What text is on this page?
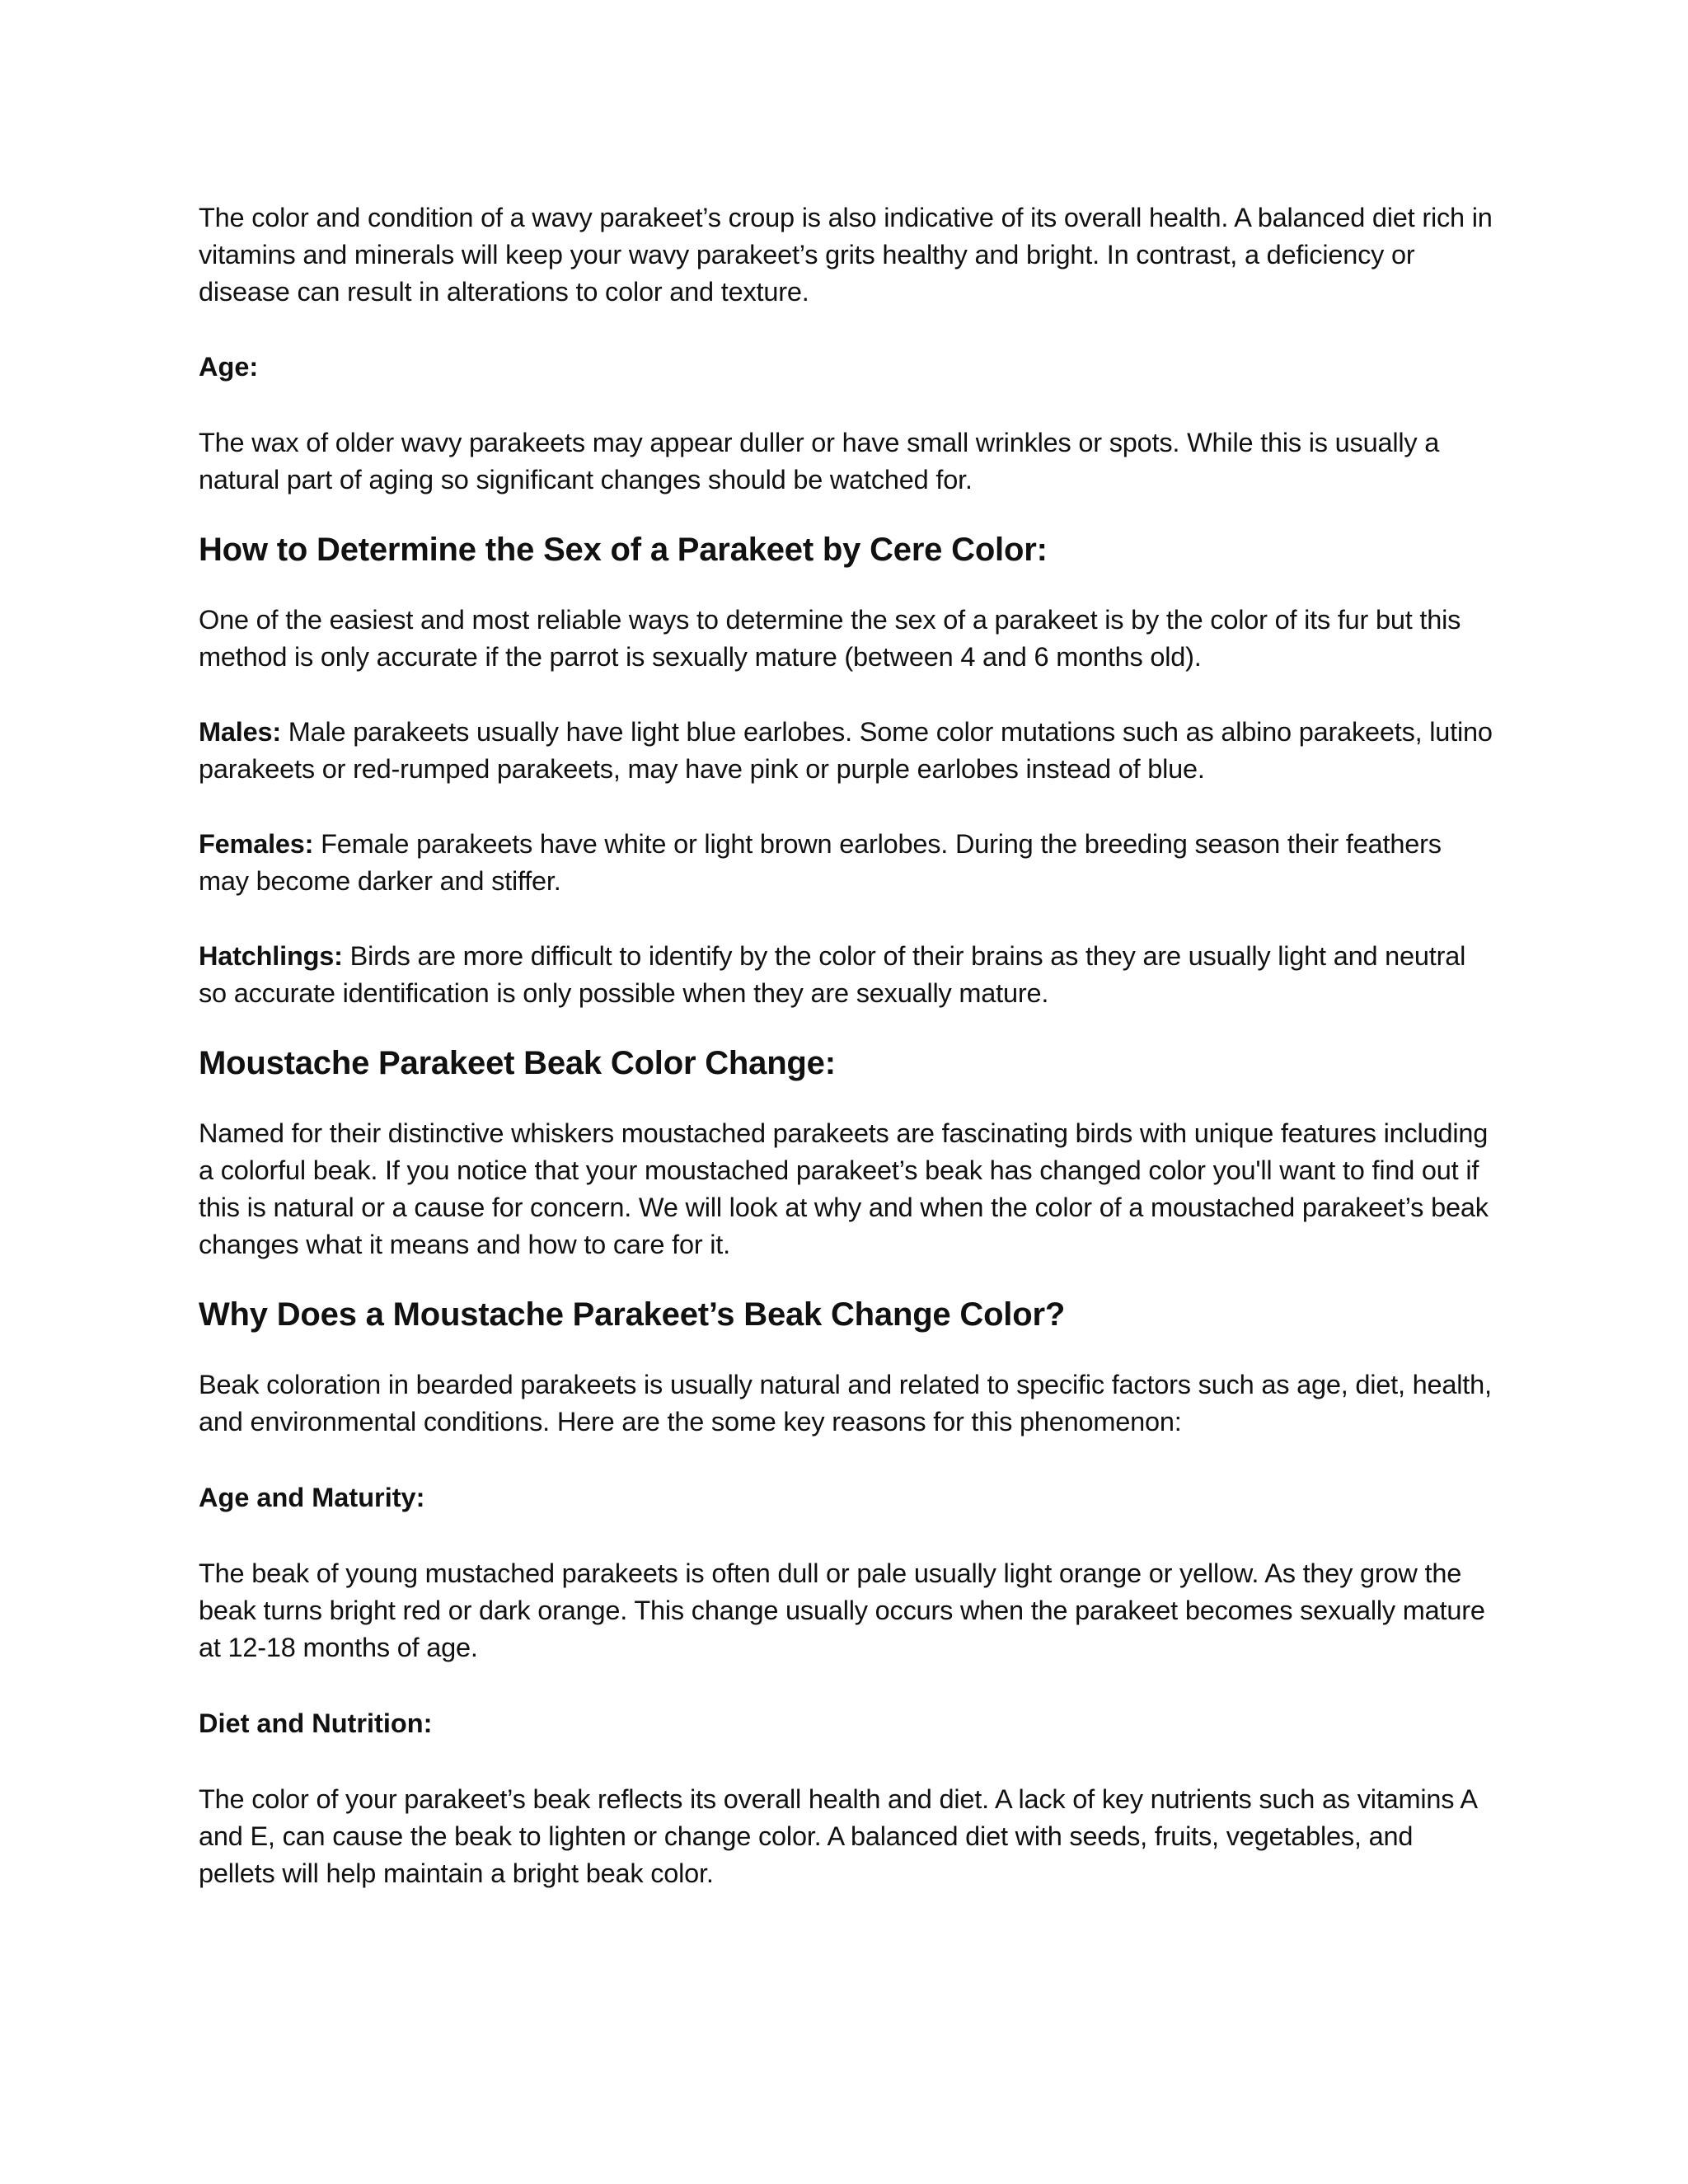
The color and condition of a wavy parakeet’s croup is also indicative of its overall health. A balanced diet rich in vitamins and minerals will keep your wavy parakeet’s grits healthy and bright. In contrast, a deficiency or disease can result in alterations to color and texture.

Age:

The wax of older wavy parakeets may appear duller or have small wrinkles or spots. While this is usually a natural part of aging so significant changes should be watched for.

How to Determine the Sex of a Parakeet by Cere Color:

One of the easiest and most reliable ways to determine the sex of a parakeet is by the color of its fur but this method is only accurate if the parrot is sexually mature (between 4 and 6 months old).

Males: Male parakeets usually have light blue earlobes. Some color mutations such as albino parakeets, lutino parakeets or red-rumped parakeets, may have pink or purple earlobes instead of blue.

Females: Female parakeets have white or light brown earlobes. During the breeding season their feathers may become darker and stiffer.

Hatchlings: Birds are more difficult to identify by the color of their brains as they are usually light and neutral so accurate identification is only possible when they are sexually mature.

Moustache Parakeet Beak Color Change:

Named for their distinctive whiskers moustached parakeets are fascinating birds with unique features including a colorful beak. If you notice that your moustached parakeet’s beak has changed color you'll want to find out if this is natural or a cause for concern. We will look at why and when the color of a moustached parakeet’s beak changes what it means and how to care for it.

Why Does a Moustache Parakeet’s Beak Change Color?

Beak coloration in bearded parakeets is usually natural and related to specific factors such as age, diet, health, and environmental conditions. Here are the some key reasons for this phenomenon:

Age and Maturity:

The beak of young mustached parakeets is often dull or pale usually light orange or yellow. As they grow the beak turns bright red or dark orange. This change usually occurs when the parakeet becomes sexually mature at 12-18 months of age.

Diet and Nutrition:

The color of your parakeet’s beak reflects its overall health and diet. A lack of key nutrients such as vitamins A and E, can cause the beak to lighten or change color. A balanced diet with seeds, fruits, vegetables, and pellets will help maintain a bright beak color.
